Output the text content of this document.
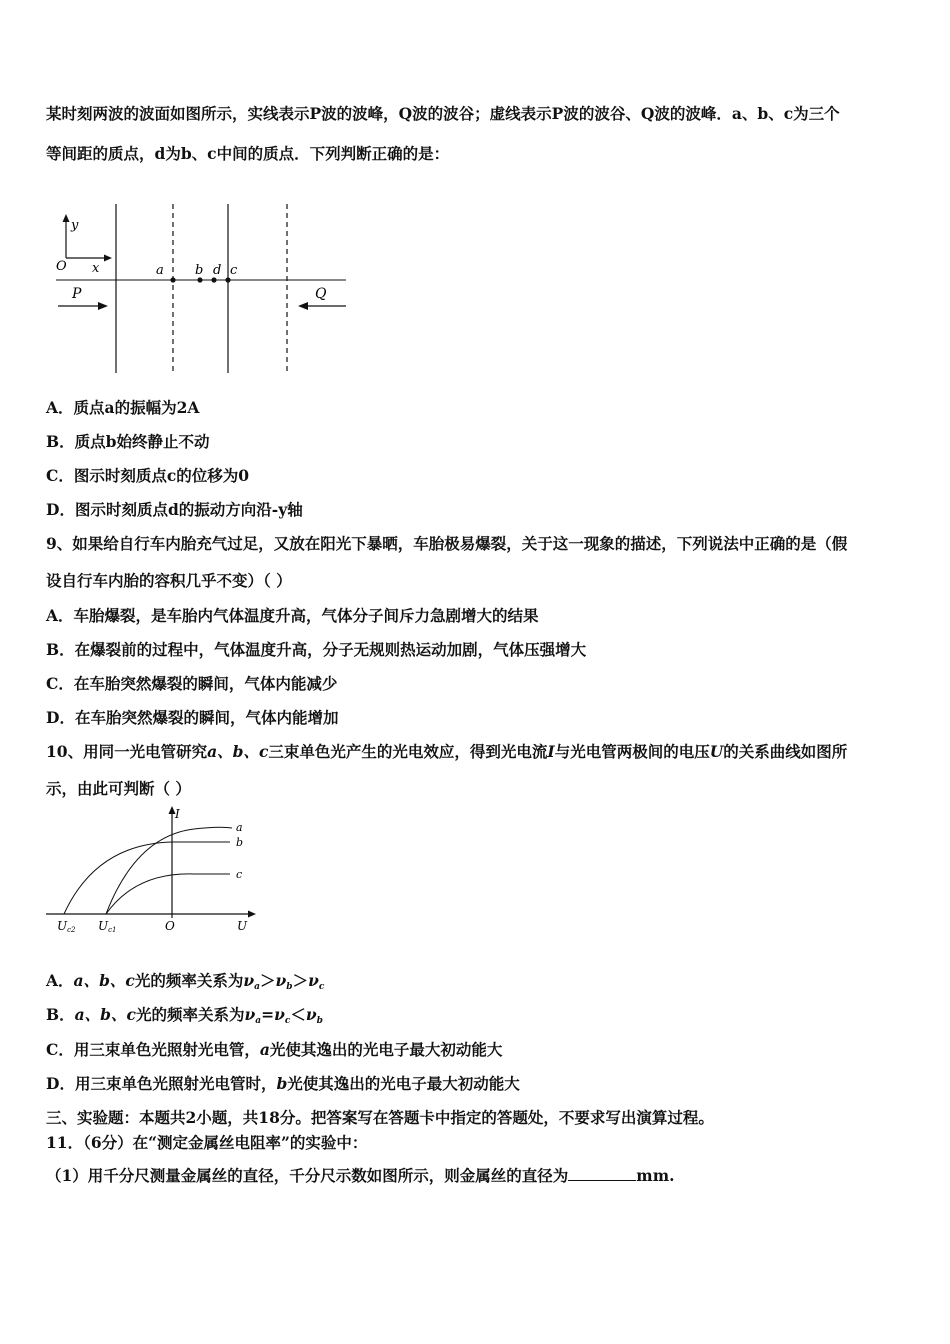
某时刻两波的波面如图所示，实线表示P波的波峰，Q波的波谷；虚线表示P波的波谷、Q波的波峰．a、b、c为三个
等间距的质点，d为b、c中间的质点．下列判断正确的是：
y
x
O	a b d c
P	Q
A．质点a的振幅为2A
B．质点b始终静止不动
C．图示时刻质点c的位移为0
D．图示时刻质点d的振动方向沿-y轴
9、如果给自行车内胎充气过足，又放在阳光下暴晒，车胎极易爆裂，关于这一现象的描述，下列说法中正确的是（假
设自行车内胎的容积几乎不变）（ ）
A．车胎爆裂，是车胎内气体温度升高，气体分子间斥力急剧增大的结果
B．在爆裂前的过程中，气体温度升高，分子无规则热运动加剧，气体压强增大
C．在车胎突然爆裂的瞬间，气体内能减少
D．在车胎突然爆裂的瞬间，气体内能增加
10、用同一光电管研究a、b、c三束单色光产生的光电效应，得到光电流I与光电管两极间的电压U的关系曲线如图所
示，由此可判断（ ）
I
U
O
a
b
c
Uc2 Uc1
A．a、b、c光的频率关系为$\nu_a>\nu_b>\nu_c$
B．a、b、c光的频率关系为$\nu_a=\nu_c<\nu_b$
C．用三束单色光照射光电管，a光使其逸出的光电子最大初动能大
D．用三束单色光照射光电管时，b光使其逸出的光电子最大初动能大
三、实验题：本题共2小题，共18分。把答案写在答题卡中指定的答题处，不要求写出演算过程。
11．（6分）在“测定金属丝电阻率”的实验中：
（1）用千分尺测量金属丝的直径，千分尺示数如图所示，则金属丝的直径为	mm.
